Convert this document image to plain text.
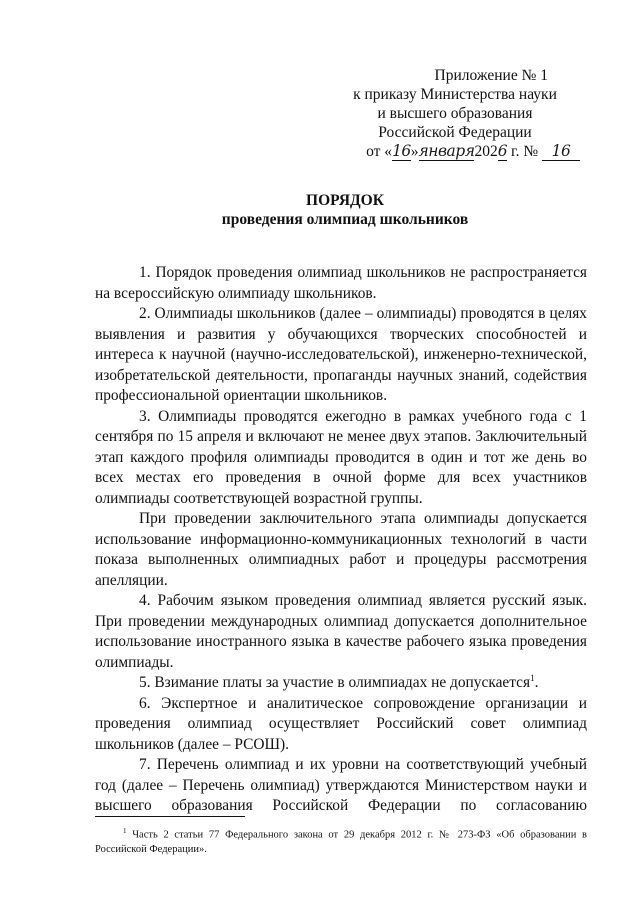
Приложение № 1
к приказу Министерства науки
и высшего образования
Российской Федерации
от «16»января2026 г. № 16
ПОРЯДОК
проведения олимпиад школьников

1. Порядок проведения олимпиад школьников не распространяется на всероссийскую олимпиаду школьников.

2. Олимпиады школьников (далее – олимпиады) проводятся в целях выявления и развития у обучающихся творческих способностей и интереса к научной (научно-исследовательской), инженерно-технической, изобретательской деятельности, пропаганды научных знаний, содействия профессиональной ориентации школьников.

3. Олимпиады проводятся ежегодно в рамках учебного года с 1 сентября по 15 апреля и включают не менее двух этапов. Заключительный этап каждого профиля олимпиады проводится в один и тот же день во всех местах его проведения в очной форме для всех участников олимпиады соответствующей возрастной группы.

При проведении заключительного этапа олимпиады допускается использование информационно-коммуникационных технологий в части показа выполненных олимпиадных работ и процедуры рассмотрения апелляции.

4. Рабочим языком проведения олимпиад является русский язык. При проведении международных олимпиад допускается дополнительное использование иностранного языка в качестве рабочего языка проведения олимпиады.

5. Взимание платы за участие в олимпиадах не допускается$^1$.

6. Экспертное и аналитическое сопровождение организации и проведения олимпиад осуществляет Российский совет олимпиад школьников (далее – РСОШ).

7. Перечень олимпиад и их уровни на соответствующий учебный год (далее – Перечень олимпиад) утверждаются Министерством науки и высшего образования Российской Федерации по согласованию

$^1$ Часть 2 статьи 77 Федерального закона от 29 декабря 2012 г. № 273-ФЗ «Об образовании в Российской Федерации».
